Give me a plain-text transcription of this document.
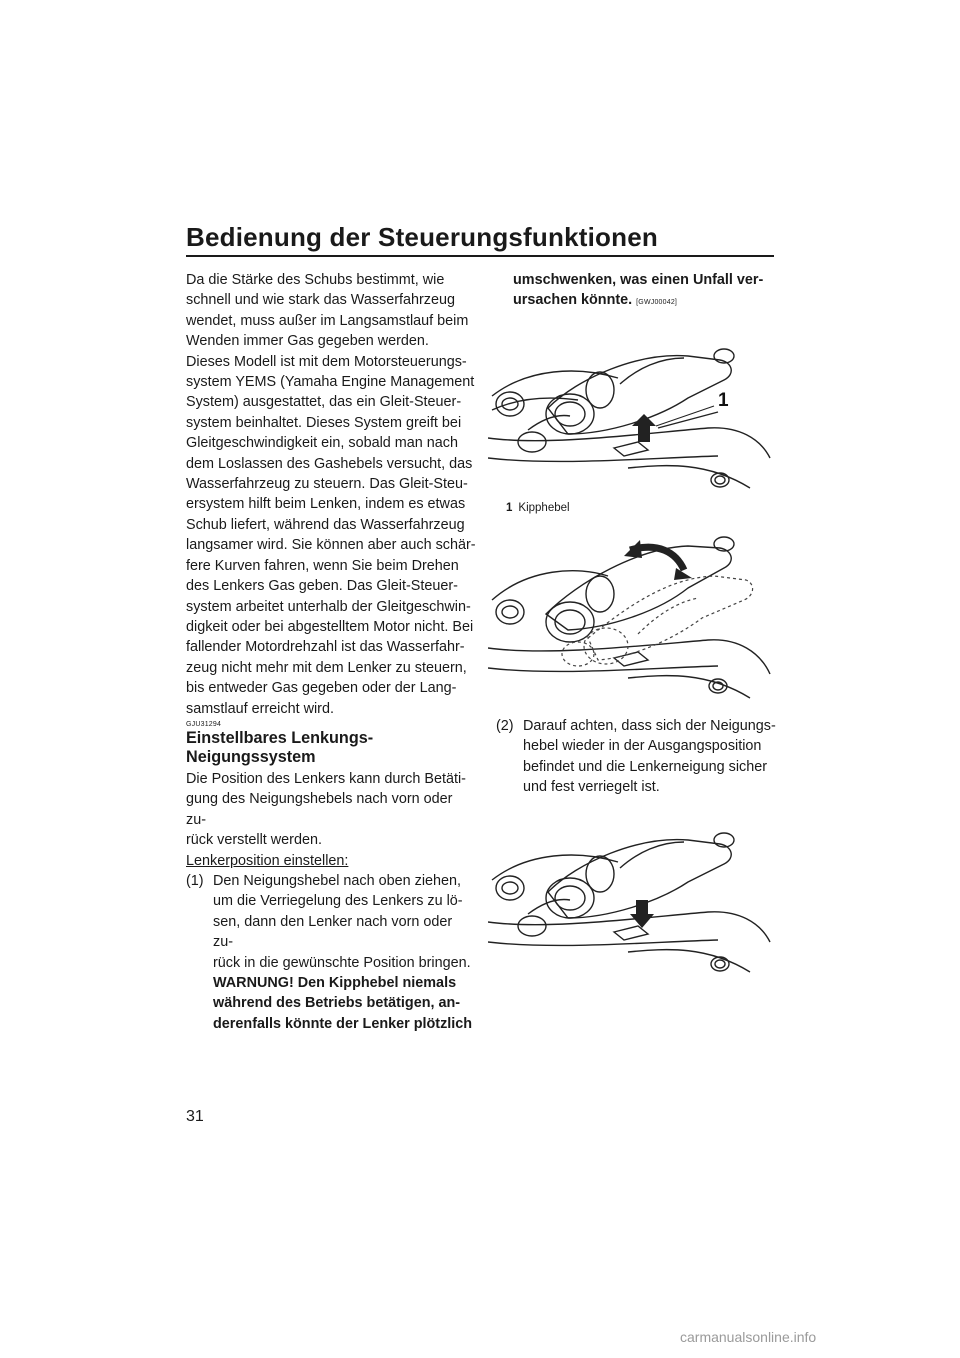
Bedienung der Steuerungsfunktionen
Da die Stärke des Schubs bestimmt, wie
schnell und wie stark das Wasserfahrzeug
wendet, muss außer im Langsamstlauf beim
Wenden immer Gas gegeben werden.
Dieses Modell ist mit dem Motorsteuerungs-
system YEMS (Yamaha Engine Management
System) ausgestattet, das ein Gleit-Steuer-
system beinhaltet. Dieses System greift bei
Gleitgeschwindigkeit ein, sobald man nach
dem Loslassen des Gashebels versucht, das
Wasserfahrzeug zu steuern. Das Gleit-Steu-
ersystem hilft beim Lenken, indem es etwas
Schub liefert, während das Wasserfahrzeug
langsamer wird. Sie können aber auch schär-
fere Kurven fahren, wenn Sie beim Drehen
des Lenkers Gas geben. Das Gleit-Steuer-
system arbeitet unterhalb der Gleitgeschwin-
digkeit oder bei abgestelltem Motor nicht. Bei
fallender Motordrehzahl ist das Wasserfahr-
zeug nicht mehr mit dem Lenker zu steuern,
bis entweder Gas gegeben oder der Lang-
samstlauf erreicht wird.
GJU31294
Einstellbares Lenkungs-
Neigungssystem
Die Position des Lenkers kann durch Betäti-
gung des Neigungshebels nach vorn oder zu-
rück verstellt werden.
Lenkerposition einstellen:
(1) Den Neigungshebel nach oben ziehen,
um die Verriegelung des Lenkers zu lö-
sen, dann den Lenker nach vorn oder zu-
rück in die gewünschte Position bringen.
WARNUNG! Den Kipphebel niemals
während des Betriebs betätigen, an-
derenfalls könnte der Lenker plötzlich
umschwenken, was einen Unfall ver-
ursachen könnte. [GWJ00042]
1
1 Kipphebel
(2) Darauf achten, dass sich der Neigungs-
hebel wieder in der Ausgangsposition
befindet und die Lenkerneigung sicher
und fest verriegelt ist.
31
carmanualsonline.info
